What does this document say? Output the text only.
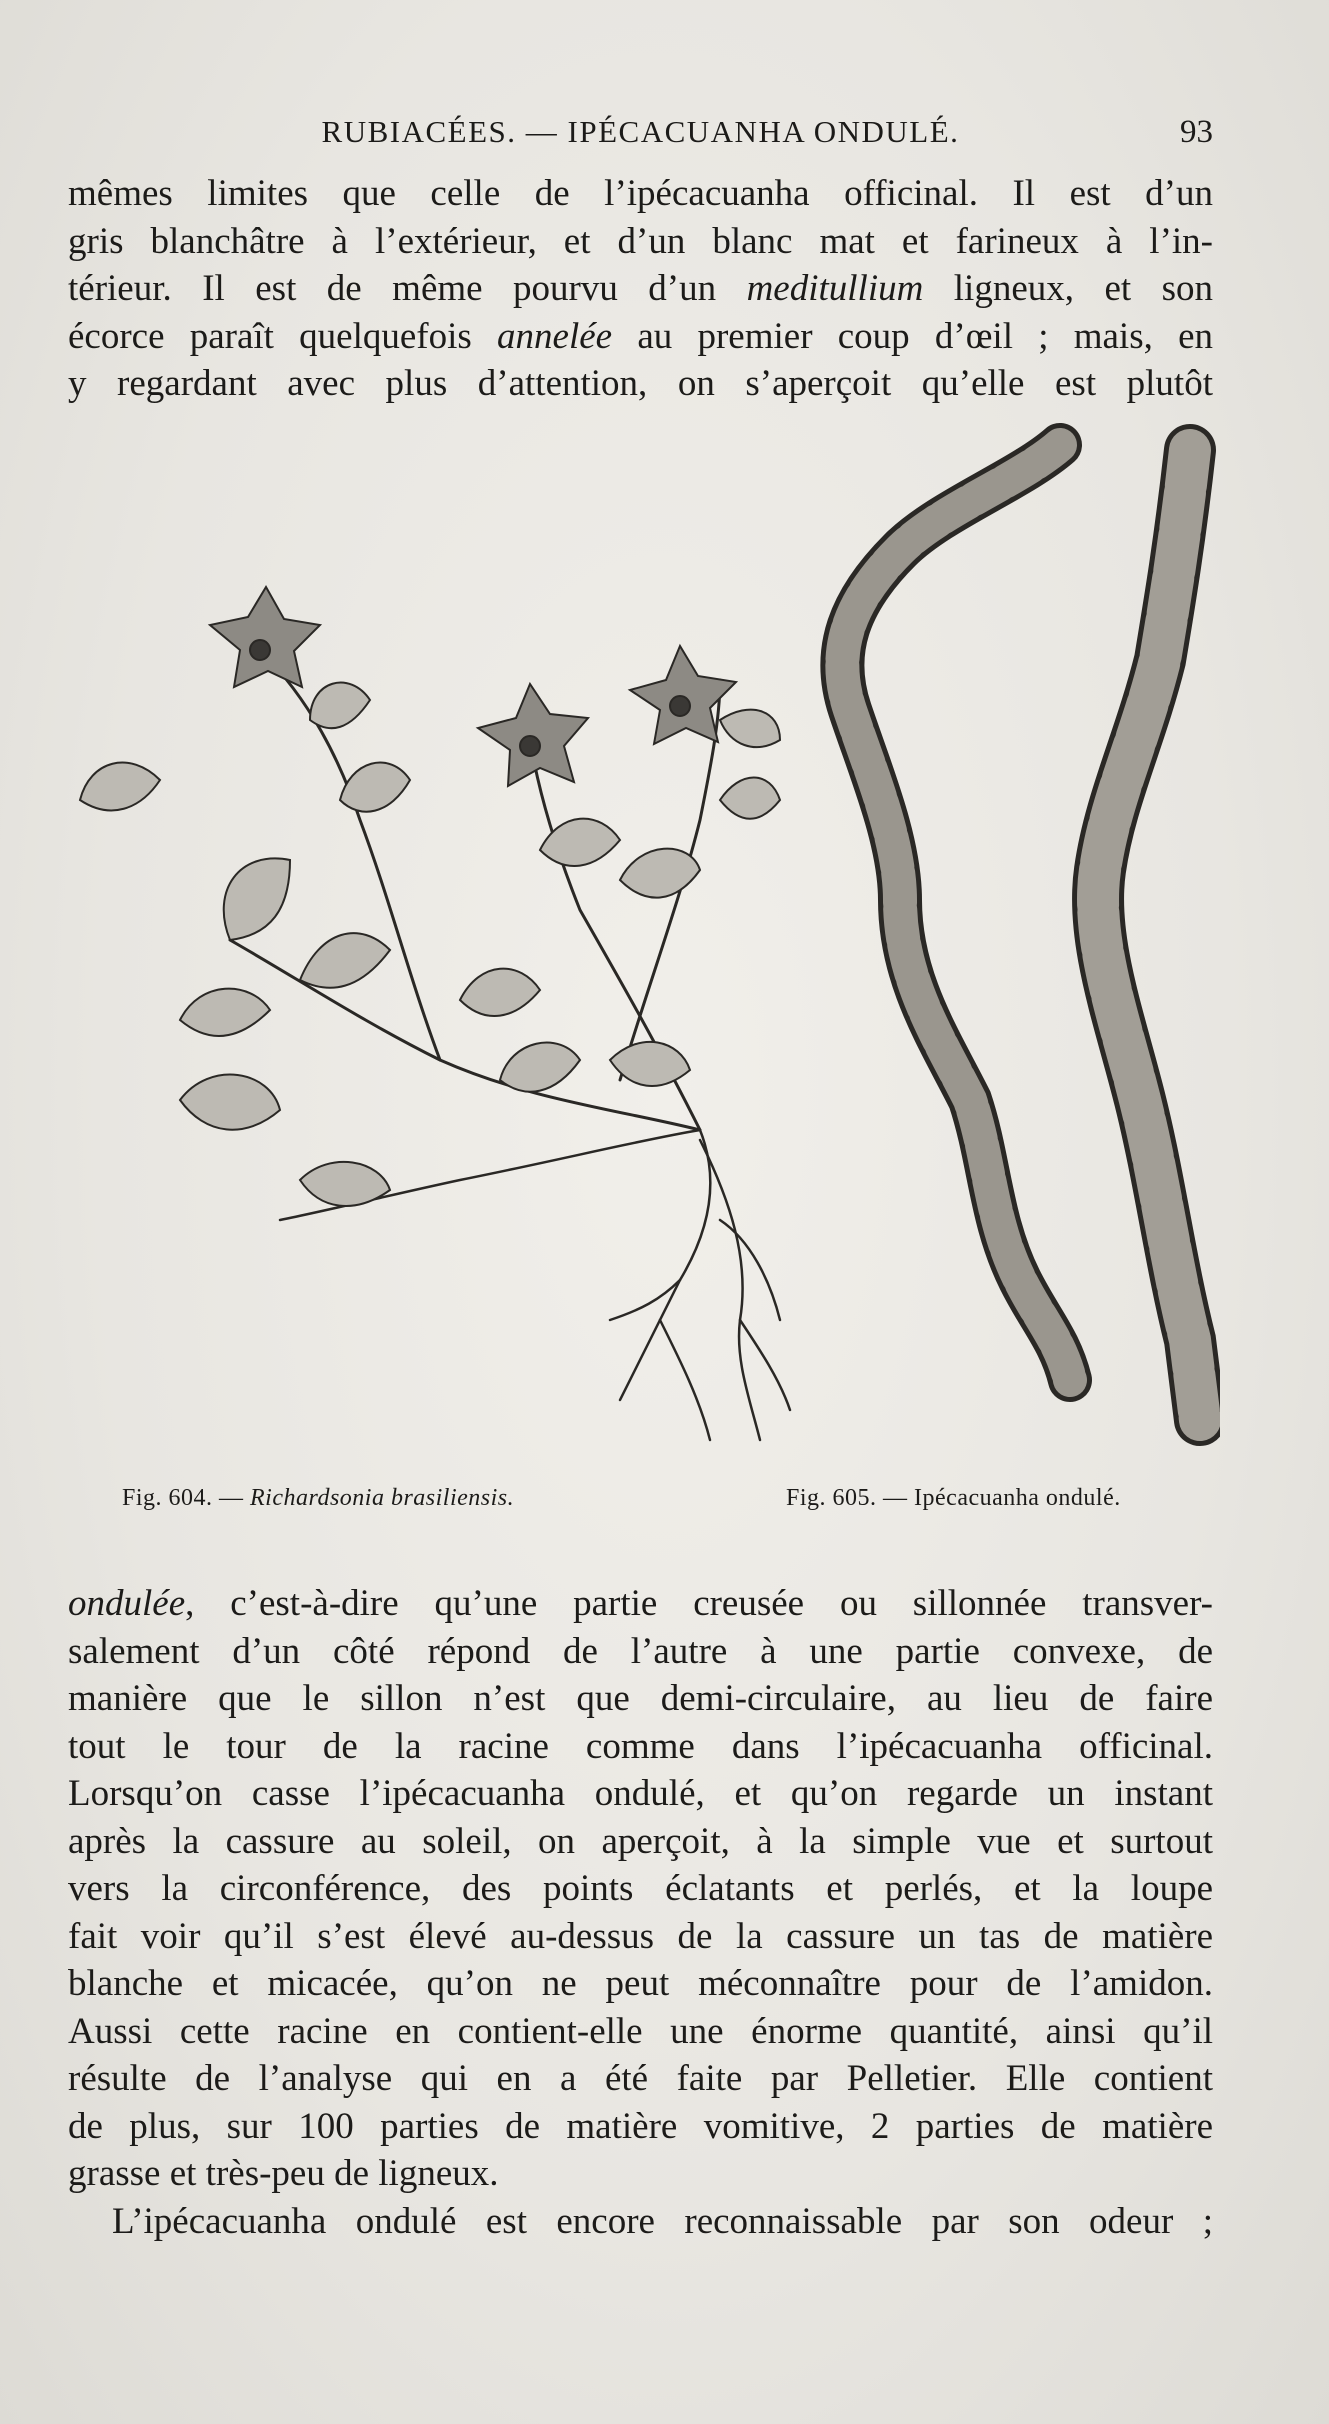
RUBIACÉES. — IPÉCACUANHA ONDULÉ.	93
mêmes limites que celle de l’ipécacuanha officinal. Il est d’un
gris blanchâtre à l’extérieur, et d’un blanc mat et farineux à l’in-
térieur. Il est de même pourvu d’un meditullium ligneux, et son
écorce paraît quelquefois annelée au premier coup d’œil ; mais, en
y regardant avec plus d’attention, on s’aperçoit qu’elle est plutôt
Fig. 604. — Richardsonia brasiliensis.	Fig. 605. — Ipécacuanha ondulé.
ondulée, c’est-à-dire qu’une partie creusée ou sillonnée transver-
salement d’un côté répond de l’autre à une partie convexe, de
manière que le sillon n’est que demi-circulaire, au lieu de faire
tout le tour de la racine comme dans l’ipécacuanha officinal.
Lorsqu’on casse l’ipécacuanha ondulé, et qu’on regarde un instant
après la cassure au soleil, on aperçoit, à la simple vue et surtout
vers la circonférence, des points éclatants et perlés, et la loupe
fait voir qu’il s’est élevé au-dessus de la cassure un tas de matière
blanche et micacée, qu’on ne peut méconnaître pour de l’amidon.
Aussi cette racine en contient-elle une énorme quantité, ainsi qu’il
résulte de l’analyse qui en a été faite par Pelletier. Elle contient
de plus, sur 100 parties de matière vomitive, 2 parties de matière
grasse et très-peu de ligneux.
L’ipécacuanha ondulé est encore reconnaissable par son odeur ;
